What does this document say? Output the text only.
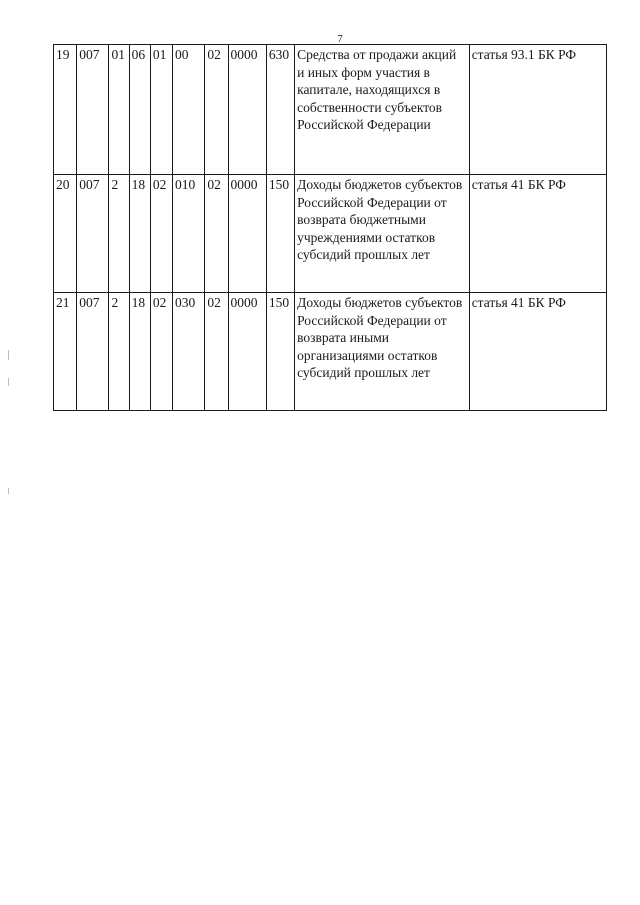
7
19	007	01	06	01	00	02	0000	630	Средства от продажи акций и иных форм участия в капитале, находящихся в собственности субъектов Российской Федерации	статья 93.1 БК РФ
20	007	2	18	02	010	02	0000	150	Доходы бюджетов субъектов Российской Федерации от возврата бюджетными учреждениями остатков субсидий прошлых лет	статья 41 БК РФ
21	007	2	18	02	030	02	0000	150	Доходы бюджетов субъектов Российской Федерации от возврата иными организациями остатков субсидий прошлых лет	статья 41 БК РФ
